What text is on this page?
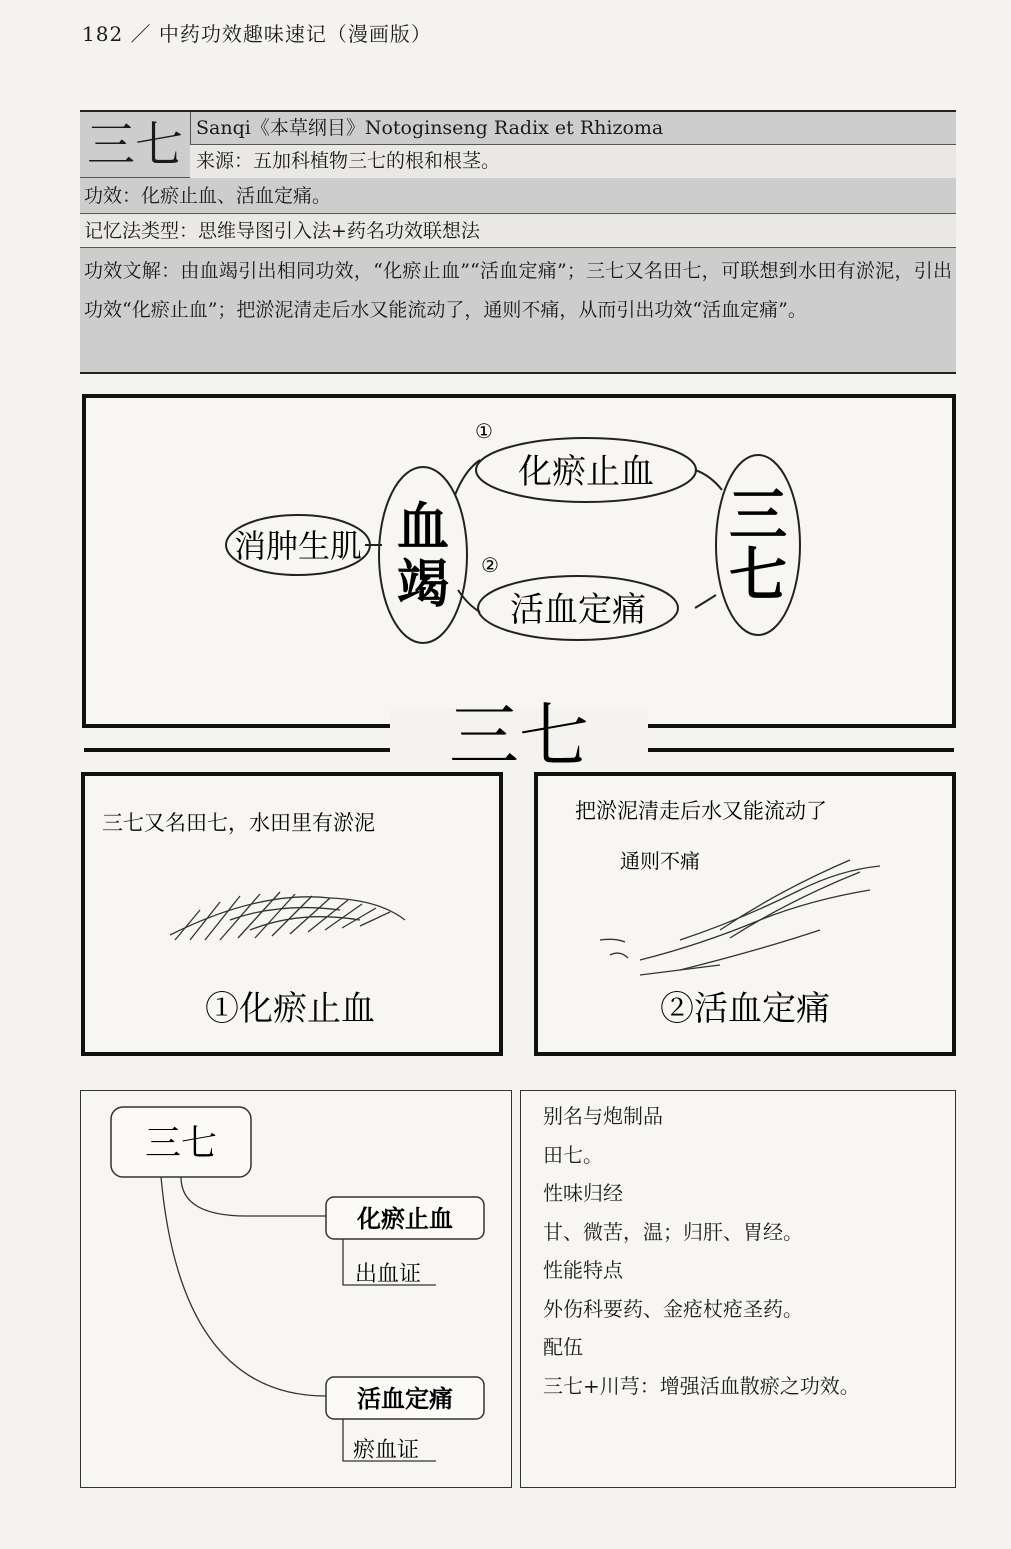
182 ／ 中药功效趣味速记（漫画版）
三七 Sanqi《本草纲目》Notoginseng Radix et Rhizoma
来源：五加科植物三七的根和根茎。
功效：化瘀止血、活血定痛。
记忆法类型：思维导图引入法+药名功效联想法
功效文解：由血竭引出相同功效，“化瘀止血”“活血定痛”；三七又名田七，可联想到水田有淤泥，引出功效“化瘀止血”；把淤泥清走后水又能流动了，通则不痛，从而引出功效“活血定痛”。
消肿生肌 血
竭
化瘀止血
活血定痛
三
七
①
②
三七
三七又名田七，水田里有淤泥
①化瘀止血
把淤泥清走后水又能流动了
通则不痛
②活血定痛
三七
化瘀止血
出血证
活血定痛
瘀血证
别名与炮制品
田七。
性味归经
甘、微苦，温；归肝、胃经。
性能特点
外伤科要药、金疮杖疮圣药。
配伍
三七+川芎：增强活血散瘀之功效。
